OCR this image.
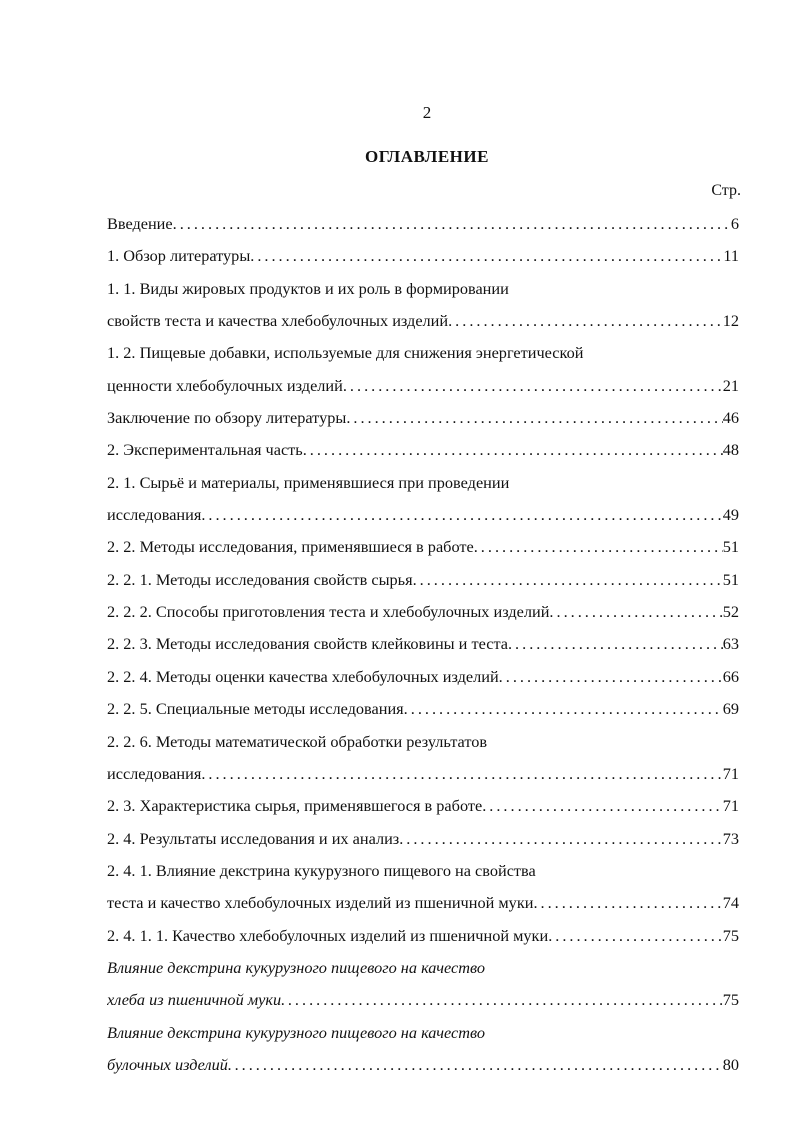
2
ОГЛАВЛЕНИЕ
Стр.
Введение .....	6
1. Обзор литературы .....	11
1. 1. Виды жировых продуктов и их роль в формировании
свойств теста и качества хлебобулочных изделий .....	12
1. 2. Пищевые добавки, используемые для снижения энергетической
ценности хлебобулочных изделий .....	21
Заключение по обзору литературы .....	46
2. Экспериментальная часть .....	48
2. 1. Сырьё и материалы, применявшиеся при проведении
исследования .....	49
2. 2. Методы исследования, применявшиеся в работе .....	51
2. 2. 1. Методы исследования свойств сырья .....	51
2. 2. 2. Способы приготовления теста и хлебобулочных изделий .....	52
2. 2. 3. Методы исследования свойств клейковины и теста .....	63
2. 2. 4. Методы оценки качества хлебобулочных изделий .....	66
2. 2. 5. Специальные методы исследования .....	69
2. 2. 6. Методы математической обработки результатов
исследования .....	71
2. 3. Характеристика сырья, применявшегося в работе .....	71
2. 4. Результаты исследования и их анализ .....	73
2. 4. 1. Влияние декстрина кукурузного пищевого на свойства
теста и качество хлебобулочных изделий из пшеничной муки .....	74
2. 4. 1. 1. Качество хлебобулочных изделий из пшеничной муки .....	75
Влияние декстрина кукурузного пищевого на качество
хлеба из пшеничной муки .....	75
Влияние декстрина кукурузного пищевого на качество
булочных изделий .....	80
